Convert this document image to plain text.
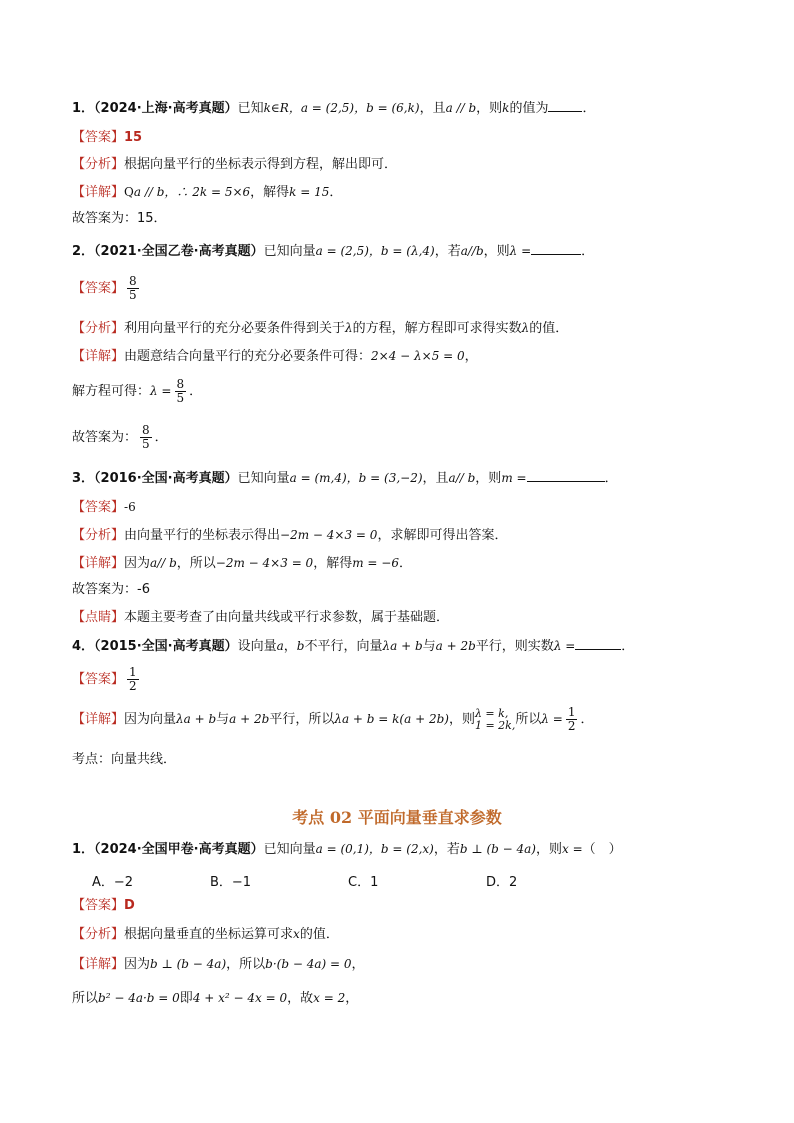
1．（2024·上海·高考真题）已知k∈R，a = (2,5)，b = (6,k)，且a // b，则k的值为	．
【答案】15
【分析】根据向量平行的坐标表示得到方程，解出即可．
【详解】Qa // b，∴ 2k = 5×6，解得k = 15．
故答案为：15．
2．（2021·全国乙卷·高考真题）已知向量a = (2,5)，b = (λ,4)，若a//b，则λ =	．
【答案】 $\frac{8}{5}$
【分析】利用向量平行的充分必要条件得到关于λ的方程，解方程即可求得实数λ的值．
【详解】由题意结合向量平行的充分必要条件可得：2×4 − λ×5 = 0，
解方程可得：$\lambda = \frac{8}{5}$ ．
故答案为： $\frac{8}{5}$ ．
3．（2016·全国·高考真题）已知向量a = (m,4)，b = (3,−2)，且a// b，则m =	．
【答案】-6
【分析】由向量平行的坐标表示得出−2m − 4×3 = 0，求解即可得出答案．
【详解】因为a// b，所以−2m − 4×3 = 0，解得m = −6．
故答案为：-6
【点睛】本题主要考查了由向量共线或平行求参数，属于基础题．
4．（2015·全国·高考真题）设向量a，b不平行，向量λa + b与a + 2b平行，则实数λ =	．
【答案】 $\frac{1}{2}$
【详解】因为向量λa + b与a + 2b平行，所以λa + b = k(a + 2b)，则 λ = k,
1 = 2k, 所以$\lambda = \frac{1}{2}$ ．
考点：向量共线．
考点 02 平面向量垂直求参数
1．（2024·全国甲卷·高考真题）已知向量a = (0,1)，b = (2,x)，若b ⊥ (b − 4a)，则x =（　）
A．−2	B．−1	C．1	D．2
【答案】D
【分析】根据向量垂直的坐标运算可求x的值．
【详解】因为b ⊥ (b − 4a)，所以b·(b − 4a) = 0，
所以b² − 4a·b = 0即4 + x² − 4x = 0，故x = 2，
